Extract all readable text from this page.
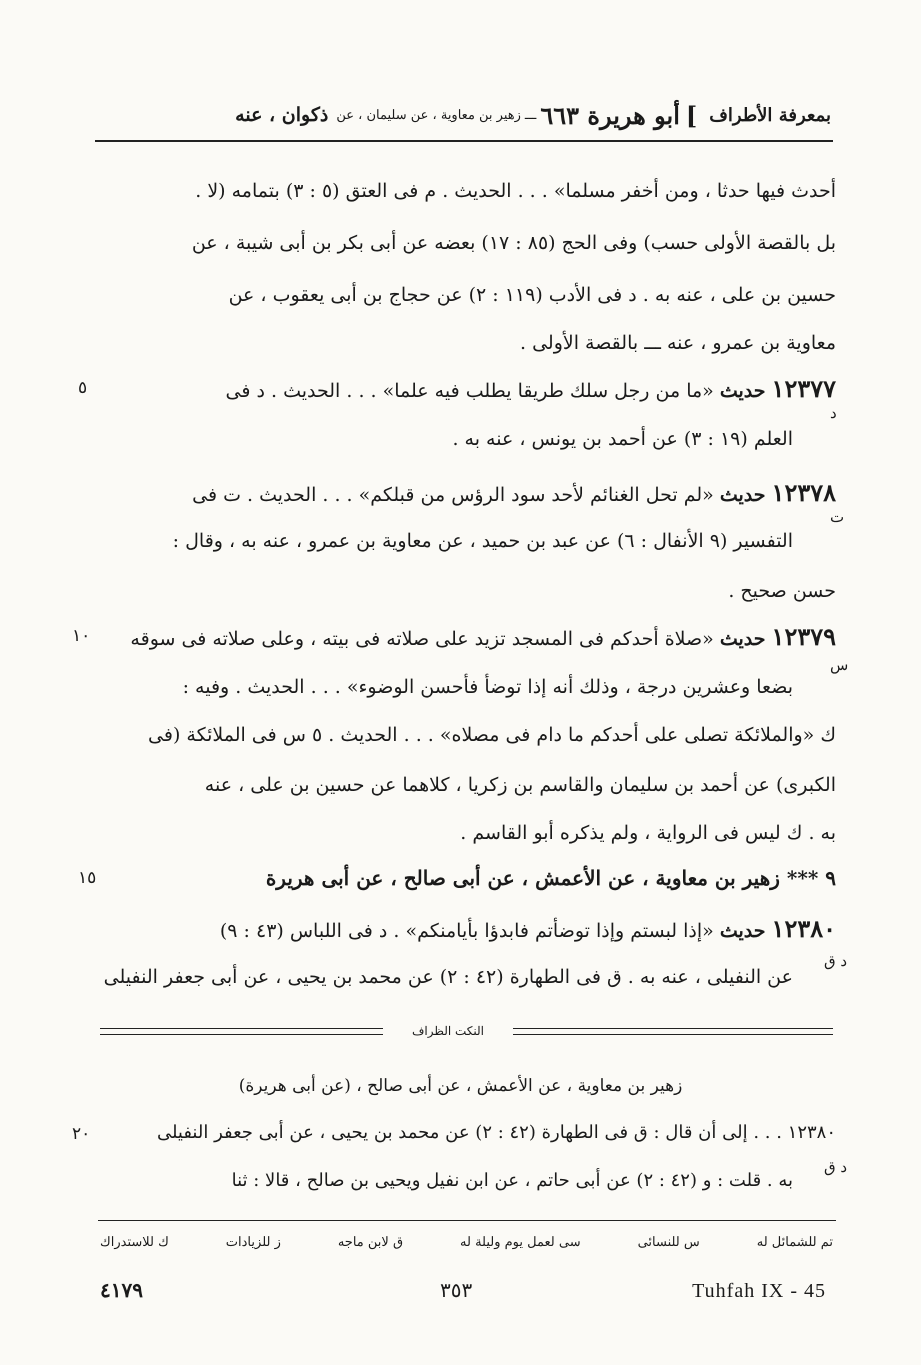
بمعرفة الأطراف
]
أبو هريرة ٦٦٣
ـــ
زهير بن معاوية ، عن سليمان ، عن
ذكوان ، عنه
أحدث فيها حدثا ، ومن أخفر مسلما» . . . الحديث . م فى العتق (٥ : ٣) بتمامه (لا .
بل بالقصة الأولى حسب) وفى الحج (٨٥ : ١٧) بعضه عن أبى بكر بن أبى شيبة ، عن
حسين بن على ، عنه به . د فى الأدب (١١٩ : ٢) عن حجاج بن أبى يعقوب ، عن
معاوية بن عمرو ، عنه ـــ بالقصة الأولى .
١٢٣٧٧ حديث «ما من رجل سلك طريقا يطلب فيه علما» . . . الحديث . د فى
٥
د
العلم (١٩ : ٣) عن أحمد بن يونس ، عنه به .
١٢٣٧٨ حديث «لم تحل الغنائم لأحد سود الرؤس من قبلكم» . . . الحديث . ت فى
ت
التفسير (٩ الأنفال : ٦) عن عبد بن حميد ، عن معاوية بن عمرو ، عنه به ، وقال :
حسن صحيح .
١٢٣٧٩ حديث «صلاة أحدكم فى المسجد تزيد على صلاته فى بيته ، وعلى صلاته فى سوقه
١٠
س
بضعا وعشرين درجة ، وذلك أنه إذا توضأ فأحسن الوضوء» . . . الحديث . وفيه :
ك «والملائكة تصلى على أحدكم ما دام فى مصلاه» . . . الحديث . ٥ س فى الملائكة (فى
الكبرى) عن أحمد بن سليمان والقاسم بن زكريا ، كلاهما عن حسين بن على ، عنه
به . ك ليس فى الرواية ، ولم يذكره أبو القاسم .
٩ *** زهير بن معاوية ، عن الأعمش ، عن أبى صالح ، عن أبى هريرة
١٥
١٢٣٨٠ حديث «إذا لبستم وإذا توضأتم فابدؤا بأيامنكم» . د فى اللباس (٤٣ : ٩)
د ق
عن النفيلى ، عنه به . ق فى الطهارة (٤٢ : ٢) عن محمد بن يحيى ، عن أبى جعفر النفيلى
النكت الظراف
زهير بن معاوية ، عن الأعمش ، عن أبى صالح ، (عن أبى هريرة)
١٢٣٨٠ . . . إلى أن قال : ق فى الطهارة (٤٢ : ٢) عن محمد بن يحيى ، عن أبى جعفر النفيلى
٢٠
د ق
به . قلت : و (٤٢ : ٢) عن أبى حاتم ، عن ابن نفيل ويحيى بن صالح ، قالا : ثنا
تم للشمائل له
س للنسائى
سى لعمل يوم وليلة له
ق لابن ماجه
ز للزيادات
ك للاستدراك
٤١٧٩	٣٥٣	Tuhfah IX - 45
